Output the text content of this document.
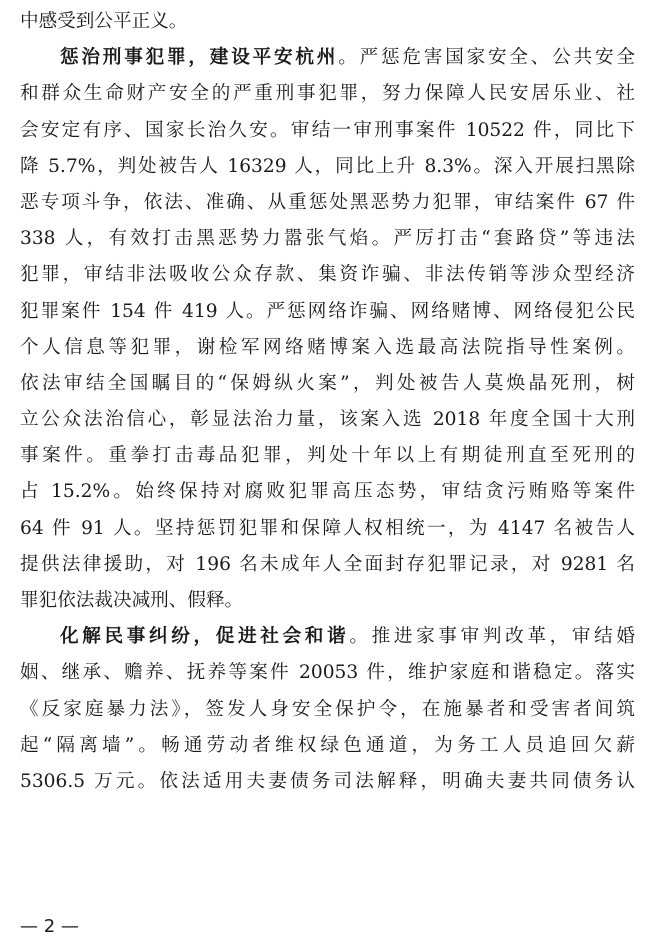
中感受到公平正义。
惩治刑事犯罪，建设平安杭州。严惩危害国家安全、公共安全
和群众生命财产安全的严重刑事犯罪，努力保障人民安居乐业、社
会安定有序、国家长治久安。审结一审刑事案件 10522 件，同比下
降 5.7%，判处被告人 16329 人，同比上升 8.3%。深入开展扫黑除
恶专项斗争，依法、准确、从重惩处黑恶势力犯罪，审结案件 67 件
338 人，有效打击黑恶势力嚣张气焰。严厉打击“套路贷”等违法
犯罪，审结非法吸收公众存款、集资诈骗、非法传销等涉众型经济
犯罪案件 154 件 419 人。严惩网络诈骗、网络赌博、网络侵犯公民
个人信息等犯罪，谢检军网络赌博案入选最高法院指导性案例。
依法审结全国瞩目的“保姆纵火案”，判处被告人莫焕晶死刑，树
立公众法治信心，彰显法治力量，该案入选 2018 年度全国十大刑
事案件。重拳打击毒品犯罪，判处十年以上有期徒刑直至死刑的
占 15.2%。始终保持对腐败犯罪高压态势，审结贪污贿赂等案件
64 件 91 人。坚持惩罚犯罪和保障人权相统一，为 4147 名被告人
提供法律援助，对 196 名未成年人全面封存犯罪记录，对 9281 名
罪犯依法裁决减刑、假释。
化解民事纠纷，促进社会和谐。推进家事审判改革，审结婚
姻、继承、赡养、抚养等案件 20053 件，维护家庭和谐稳定。落实
《反家庭暴力法》，签发人身安全保护令，在施暴者和受害者间筑
起“隔离墙”。畅通劳动者维权绿色通道，为务工人员追回欠薪
5306.5 万元。依法适用夫妻债务司法解释，明确夫妻共同债务认
— 2 —
